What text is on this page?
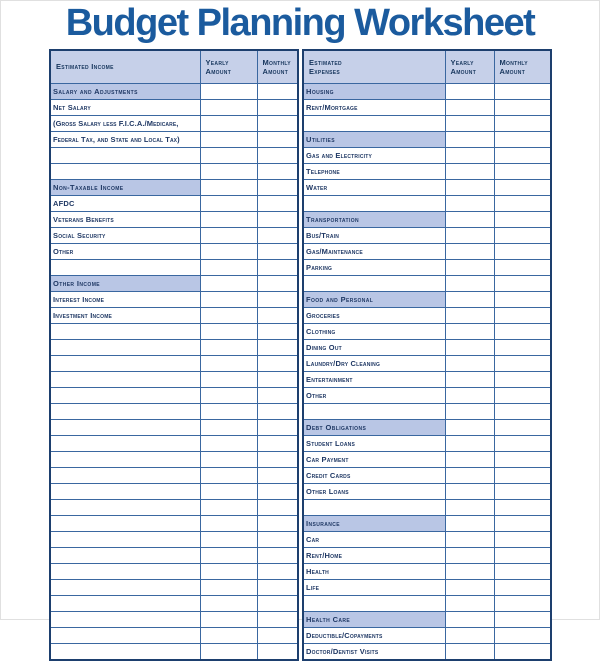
Budget Planning Worksheet
Estimated Income	Yearly Amount	Monthly Amount
Salary and Adjustments		
Net Salary		
(Gross Salary less F.I.C.A./Medicare,		
Federal Tax, and State and Local Tax)		

Non-Taxable Income		
AFDC		
Veterans Benefits		
Social Security		
Other		

Other Income		
Interest Income		
Investment Income		

Estimated Expenses	Yearly Amount	Monthly Amount
Housing		
Rent/Mortgage		

Utilities		
Gas and Electricity		
Telephone		
Water		

Transportation		
Bus/Train		
Gas/Maintenance		
Parking		

Food and Personal		
Groceries		
Clothing		
Dining Out		
Laundry/Dry Cleaning		
Entertainment		
Other		

Debt Obligations		
Student Loans		
Car Payment		
Credit Cards		
Other Loans		

Insurance		
Car		
Rent/Home		
Health		
Life		

Health Care		
Deductible/Copayments		
Doctor/Dentist Visits		
